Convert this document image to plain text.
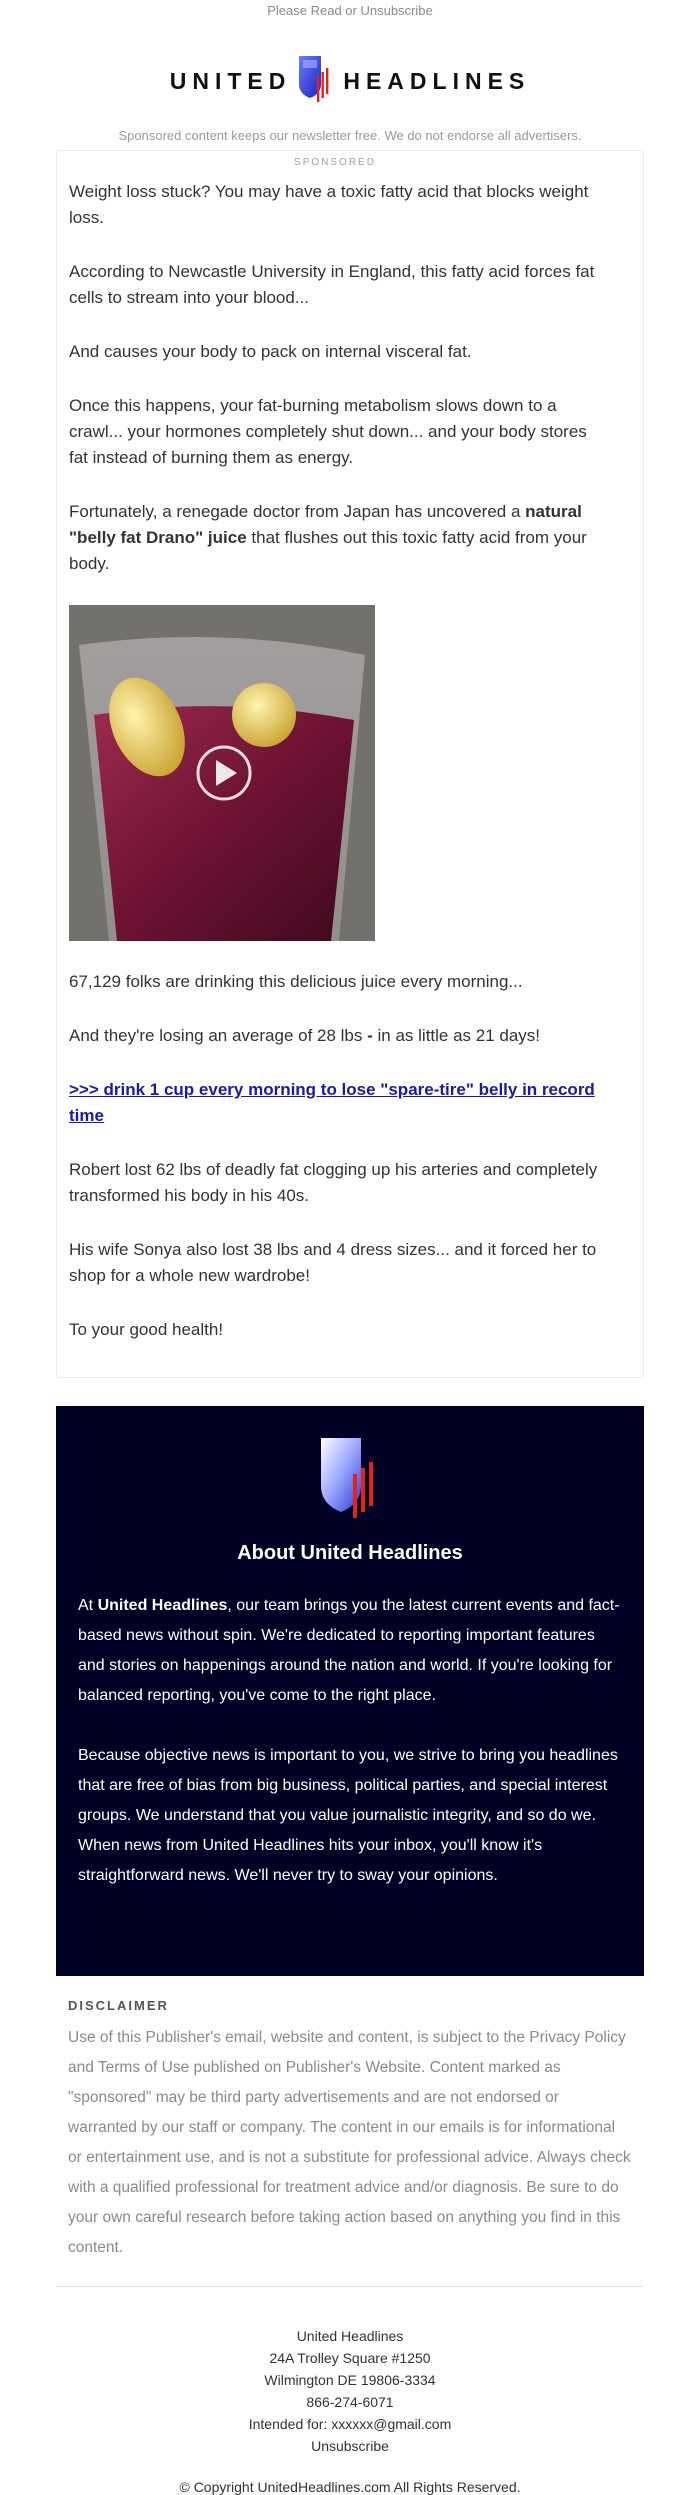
Please Read or Unsubscribe
UNITED HEADLINES
Sponsored content keeps our newsletter free. We do not endorse all advertisers.
SPONSORED

Weight loss stuck? You may have a toxic fatty acid that blocks weight loss.

According to Newcastle University in England, this fatty acid forces fat cells to stream into your blood...

And causes your body to pack on internal visceral fat.

Once this happens, your fat-burning metabolism slows down to a crawl... your hormones completely shut down... and your body stores fat instead of burning them as energy.

Fortunately, a renegade doctor from Japan has uncovered a natural "belly fat Drano" juice that flushes out this toxic fatty acid from your body.

67,129 folks are drinking this delicious juice every morning...

And they're losing an average of 28 lbs - in as little as 21 days!

>>> drink 1 cup every morning to lose "spare-tire" belly in record time

Robert lost 62 lbs of deadly fat clogging up his arteries and completely transformed his body in his 40s.

His wife Sonya also lost 38 lbs and 4 dress sizes... and it forced her to shop for a whole new wardrobe!

To your good health!

About United Headlines

At United Headlines, our team brings you the latest current events and fact-based news without spin. We're dedicated to reporting important features and stories on happenings around the nation and world. If you're looking for balanced reporting, you've come to the right place.

Because objective news is important to you, we strive to bring you headlines that are free of bias from big business, political parties, and special interest groups. We understand that you value journalistic integrity, and so do we. When news from United Headlines hits your inbox, you'll know it's straightforward news. We'll never try to sway your opinions.

DISCLAIMER
Use of this Publisher's email, website and content, is subject to the Privacy Policy and Terms of Use published on Publisher's Website. Content marked as "sponsored" may be third party advertisements and are not endorsed or warranted by our staff or company. The content in our emails is for informational or entertainment use, and is not a substitute for professional advice. Always check with a qualified professional for treatment advice and/or diagnosis. Be sure to do your own careful research before taking action based on anything you find in this content.
United Headlines
24A Trolley Square #1250
Wilmington DE 19806-3334
866-274-6071
Intended for: xxxxxx@gmail.com
Unsubscribe
© Copyright UnitedHeadlines.com All Rights Reserved.
